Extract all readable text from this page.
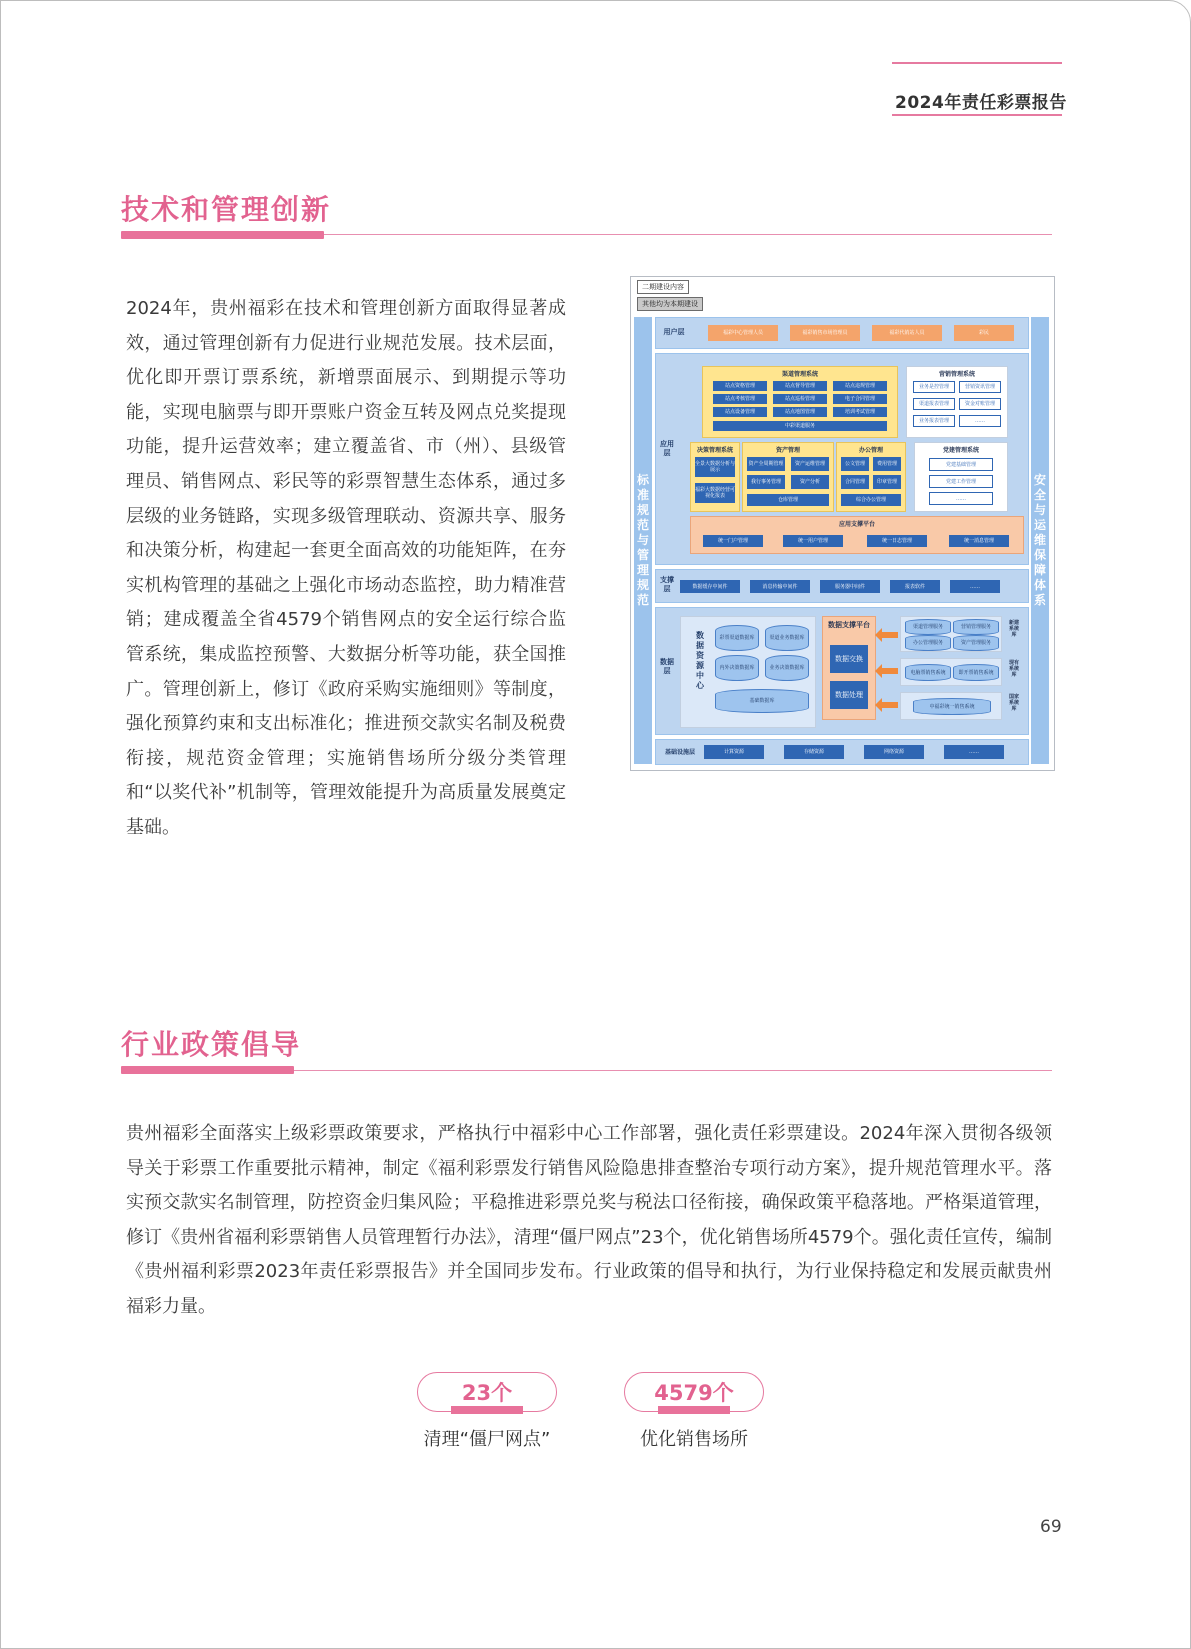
2024年责任彩票报告
技术和管理创新

2024年，贵州福彩在技术和管理创新方面取得显著成效，通过管理创新有力促进行业规范发展。技术层面，优化即开票订票系统，新增票面展示、到期提示等功能，实现电脑票与即开票账户资金互转及网点兑奖提现功能，提升运营效率；建立覆盖省、市（州）、县级管理员、销售网点、彩民等的彩票智慧生态体系，通过多层级的业务链路，实现多级管理联动、资源共享、服务和决策分析，构建起一套更全面高效的功能矩阵，在夯实机构管理的基础之上强化市场动态监控，助力精准营销；建成覆盖全省4579个销售网点的安全运行综合监管系统，集成监控预警、大数据分析等功能，获全国推广。管理创新上，修订《政府采购实施细则》等制度，强化预算约束和支出标准化；推进预交款实名制及税费衔接，规范资金管理；实施销售场所分级分类管理和“以奖代补”机制等，管理效能提升为高质量发展奠定基础。

二期建设内容
其他均为本期建设
标准规范与管理规范
安全与运维保障体系
用户层	福彩中心管理人员	福彩销售市场管理员	福彩代销站人员	彩民
应用层
渠道管理系统
站点资格管理	站点督导管理	站点违规管理
站点考核管理	站点巡检管理	电子合同管理
站点设备管理	站点地图管理	培训考试管理
中彩渠道服务
营销管理系统
业务是控管理	营销资讯管理
渠道报表管理	资金对账管理
业务报表管理	……
决策管理系统
全景大数据分析与展示
福彩大数据经营可视化报表
资产管理
资产全周期管理	资产运维管理
我行事务管理	资产分析
仓库管理
办公管理
公文管理	费用管理
合同管理	印章管理
综合办公管理
党建管理系统
党建基础管理
党建工作管理
……
应用支撑平台
统一门户管理	统一用户管理	统一日志管理	统一消息管理
支撑层	数据缓存中间件	消息传输中间件	服务器中间件	报表软件	……
数据层
数据资源中心
彩票渠道数据库	渠道业务数据库
内外决策数据库	业务决策数据库
基础数据库
数据支撑平台
数据交换
数据处理
渠道管理服务	营销管理服务
办公管理服务	资产管理服务
新建系统库
电脑票销售系统	即开票销售系统
现有系统库
中福彩统一销售系统
国家系统库
基础设施层	计算资源	存储资源	网络资源	……
行业政策倡导

贵州福彩全面落实上级彩票政策要求，严格执行中福彩中心工作部署，强化责任彩票建设。2024年深入贯彻各级领导关于彩票工作重要批示精神，制定《福利彩票发行销售风险隐患排查整治专项行动方案》，提升规范管理水平。落实预交款实名制管理，防控资金归集风险；平稳推进彩票兑奖与税法口径衔接，确保政策平稳落地。严格渠道管理，修订《贵州省福利彩票销售人员管理暂行办法》，清理“僵尸网点”23个，优化销售场所4579个。强化责任宣传，编制《贵州福利彩票2023年责任彩票报告》并全国同步发布。行业政策的倡导和执行，为行业保持稳定和发展贡献贵州福彩力量。

23个
清理“僵尸网点”
4579个
优化销售场所
69
